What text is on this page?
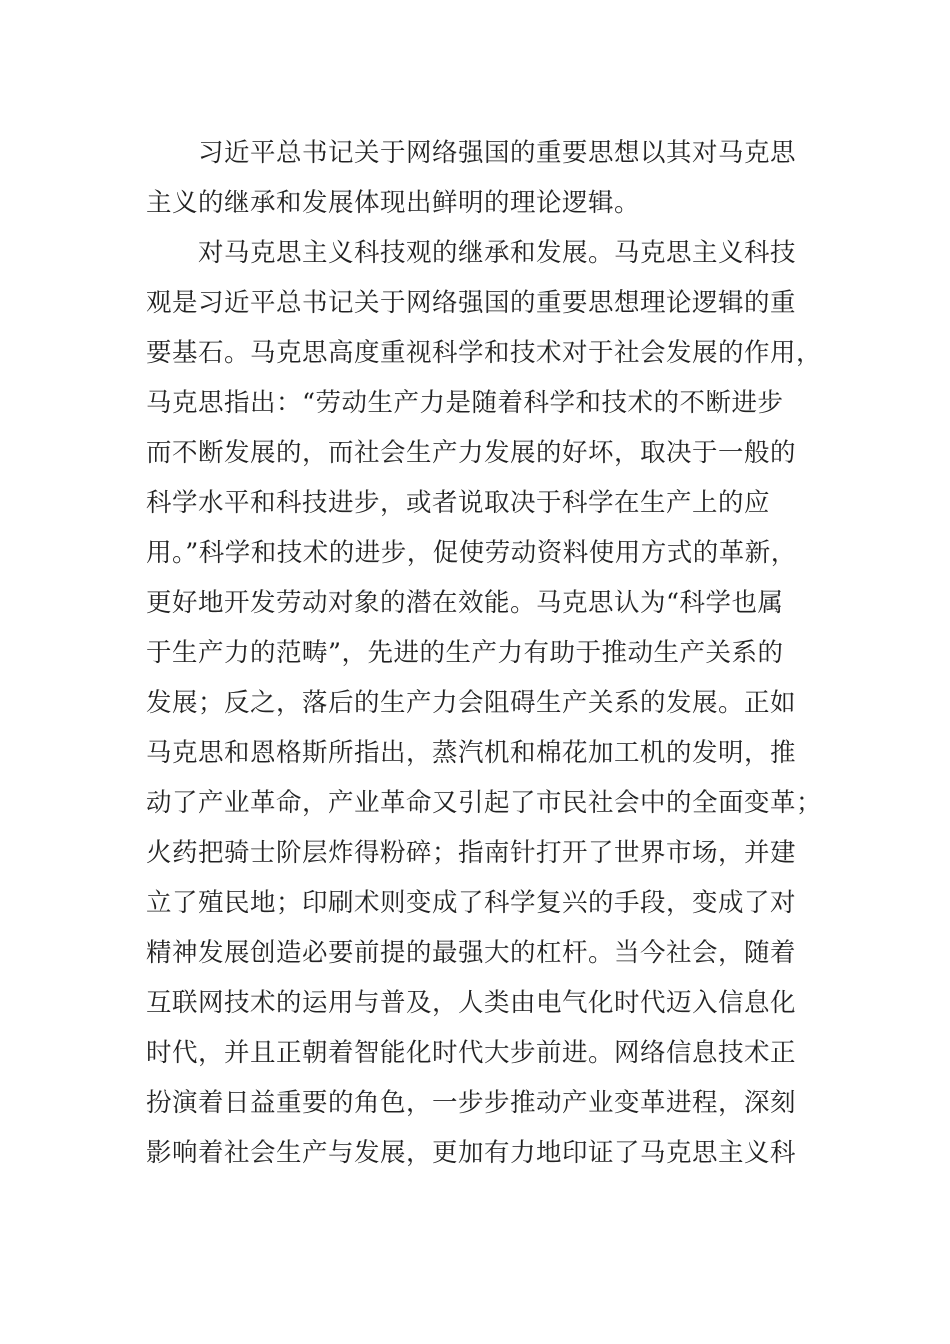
习近平总书记关于网络强国的重要思想以其对马克思
主义的继承和发展体现出鲜明的理论逻辑。
对马克思主义科技观的继承和发展。马克思主义科技
观是习近平总书记关于网络强国的重要思想理论逻辑的重
要基石。马克思高度重视科学和技术对于社会发展的作用，
马克思指出：“劳动生产力是随着科学和技术的不断进步
而不断发展的，而社会生产力发展的好坏，取决于一般的
科学水平和科技进步，或者说取决于科学在生产上的应
用。”科学和技术的进步，促使劳动资料使用方式的革新，
更好地开发劳动对象的潜在效能。马克思认为“科学也属
于生产力的范畴”，先进的生产力有助于推动生产关系的
发展；反之，落后的生产力会阻碍生产关系的发展。正如
马克思和恩格斯所指出，蒸汽机和棉花加工机的发明，推
动了产业革命，产业革命又引起了市民社会中的全面变革；
火药把骑士阶层炸得粉碎；指南针打开了世界市场，并建
立了殖民地；印刷术则变成了科学复兴的手段，变成了对
精神发展创造必要前提的最强大的杠杆。当今社会，随着
互联网技术的运用与普及，人类由电气化时代迈入信息化
时代，并且正朝着智能化时代大步前进。网络信息技术正
扮演着日益重要的角色，一步步推动产业变革进程，深刻
影响着社会生产与发展，更加有力地印证了马克思主义科
